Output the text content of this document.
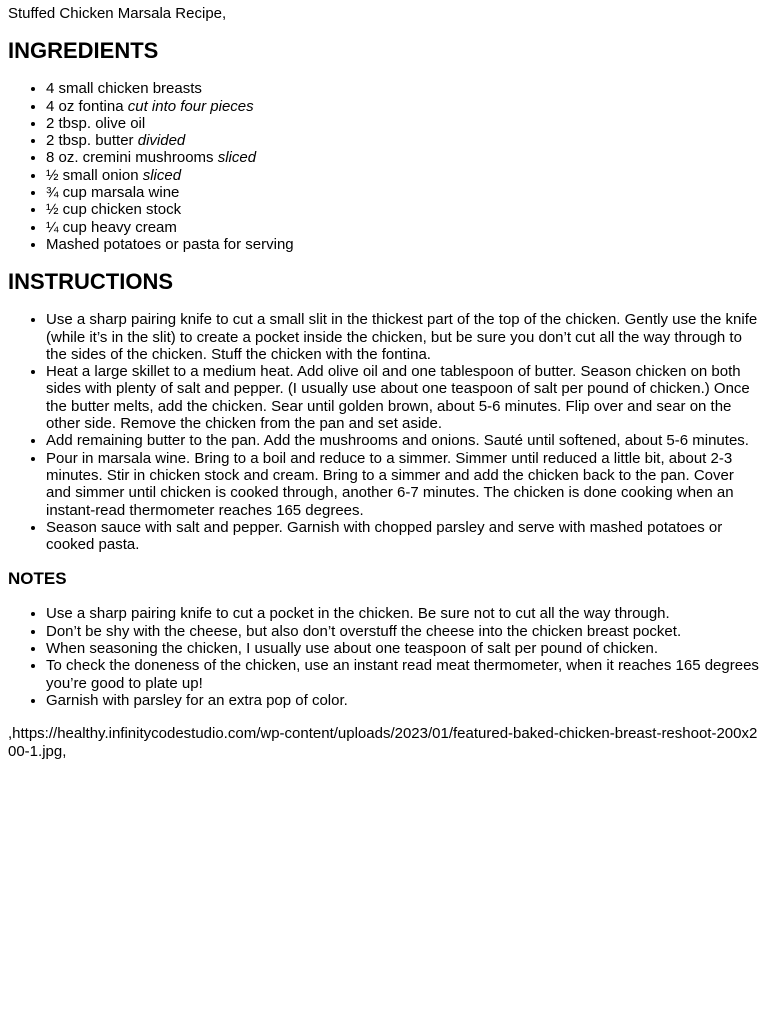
Stuffed Chicken Marsala Recipe,

INGREDIENTS
• 4 small chicken breasts
• 4 oz fontina cut into four pieces
• 2 tbsp. olive oil
• 2 tbsp. butter divided
• 8 oz. cremini mushrooms sliced
• ½ small onion sliced
• ¾ cup marsala wine
• ½ cup chicken stock
• ¼ cup heavy cream
• Mashed potatoes or pasta for serving
INSTRUCTIONS
• Use a sharp pairing knife to cut a small slit in the thickest part of the top of the chicken. Gently use the knife (while it’s in the slit) to create a pocket inside the chicken, but be sure you don’t cut all the way through to the sides of the chicken. Stuff the chicken with the fontina.
• Heat a large skillet to a medium heat. Add olive oil and one tablespoon of butter. Season chicken on both sides with plenty of salt and pepper. (I usually use about one teaspoon of salt per pound of chicken.) Once the butter melts, add the chicken. Sear until golden brown, about 5-6 minutes. Flip over and sear on the other side. Remove the chicken from the pan and set aside.
• Add remaining butter to the pan. Add the mushrooms and onions. Sauté until softened, about 5-6 minutes.
• Pour in marsala wine. Bring to a boil and reduce to a simmer. Simmer until reduced a little bit, about 2-3 minutes. Stir in chicken stock and cream. Bring to a simmer and add the chicken back to the pan. Cover and simmer until chicken is cooked through, another 6-7 minutes. The chicken is done cooking when an instant-read thermometer reaches 165 degrees.
• Season sauce with salt and pepper. Garnish with chopped parsley and serve with mashed potatoes or cooked pasta.
NOTES
• Use a sharp pairing knife to cut a pocket in the chicken. Be sure not to cut all the way through.
• Don’t be shy with the cheese, but also don’t overstuff the cheese into the chicken breast pocket.
• When seasoning the chicken, I usually use about one teaspoon of salt per pound of chicken.
• To check the doneness of the chicken, use an instant read meat thermometer, when it reaches 165 degrees you’re good to plate up!
• Garnish with parsley for an extra pop of color.

,https://healthy.infinitycodestudio.com/wp-content/uploads/2023/01/featured-baked-chicken-breast-reshoot-200x200-1.jpg,
